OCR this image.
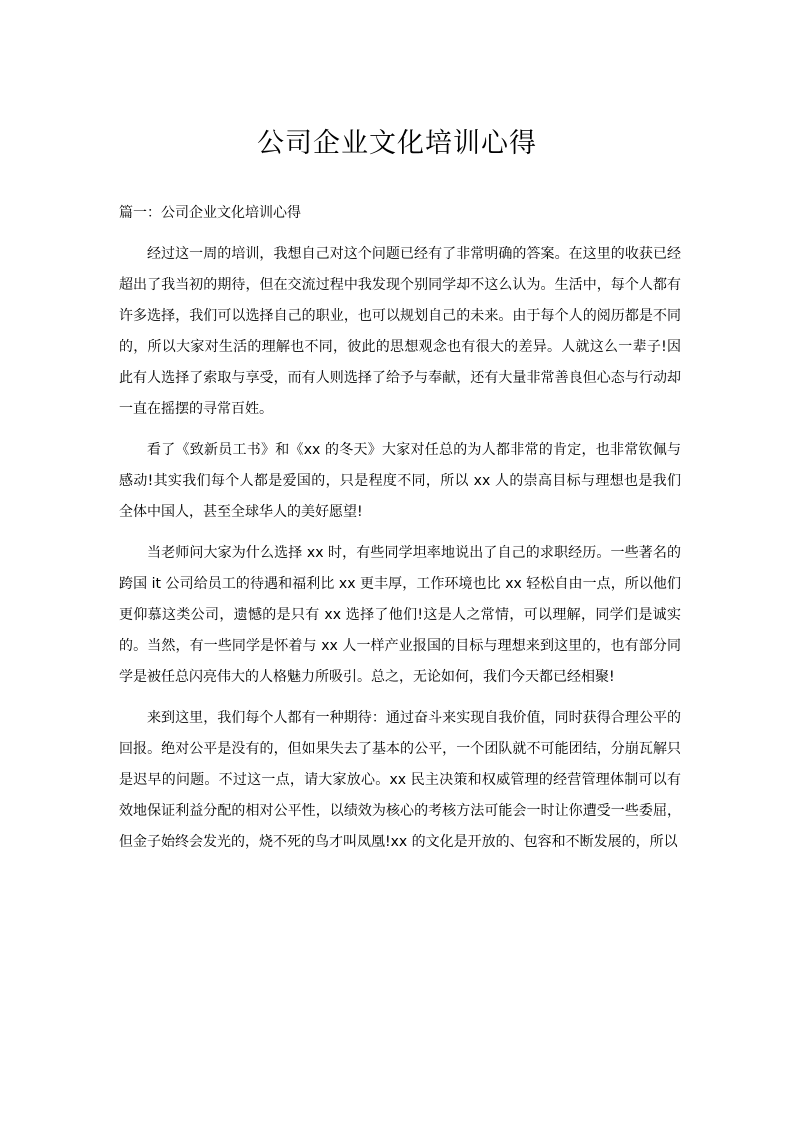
公司企业文化培训心得
篇一：公司企业文化培训心得

经过这一周的培训，我想自己对这个问题已经有了非常明确的答案。在这里的收获已经超出了我当初的期待，但在交流过程中我发现个别同学却不这么认为。生活中，每个人都有许多选择，我们可以选择自己的职业，也可以规划自己的未来。由于每个人的阅历都是不同的，所以大家对生活的理解也不同，彼此的思想观念也有很大的差异。人就这么一辈子!因此有人选择了索取与享受，而有人则选择了给予与奉献，还有大量非常善良但心态与行动却一直在摇摆的寻常百姓。

看了《致新员工书》和《xx 的冬天》大家对任总的为人都非常的肯定，也非常钦佩与感动!其实我们每个人都是爱国的，只是程度不同，所以 xx 人的崇高目标与理想也是我们全体中国人，甚至全球华人的美好愿望!

当老师问大家为什么选择 xx 时，有些同学坦率地说出了自己的求职经历。一些著名的跨国 it 公司给员工的待遇和福利比 xx 更丰厚，工作环境也比 xx 轻松自由一点，所以他们更仰慕这类公司，遗憾的是只有 xx 选择了他们!这是人之常情，可以理解，同学们是诚实的。当然，有一些同学是怀着与 xx 人一样产业报国的目标与理想来到这里的，也有部分同学是被任总闪亮伟大的人格魅力所吸引。总之，无论如何，我们今天都已经相聚!

来到这里，我们每个人都有一种期待：通过奋斗来实现自我价值，同时获得合理公平的回报。绝对公平是没有的，但如果失去了基本的公平，一个团队就不可能团结，分崩瓦解只是迟早的问题。不过这一点，请大家放心。xx 民主决策和权威管理的经营管理体制可以有效地保证利益分配的相对公平性，以绩效为核心的考核方法可能会一时让你遭受一些委屈，但金子始终会发光的，烧不死的鸟才叫凤凰!xx 的文化是开放的、包容和不断发展的，所以
